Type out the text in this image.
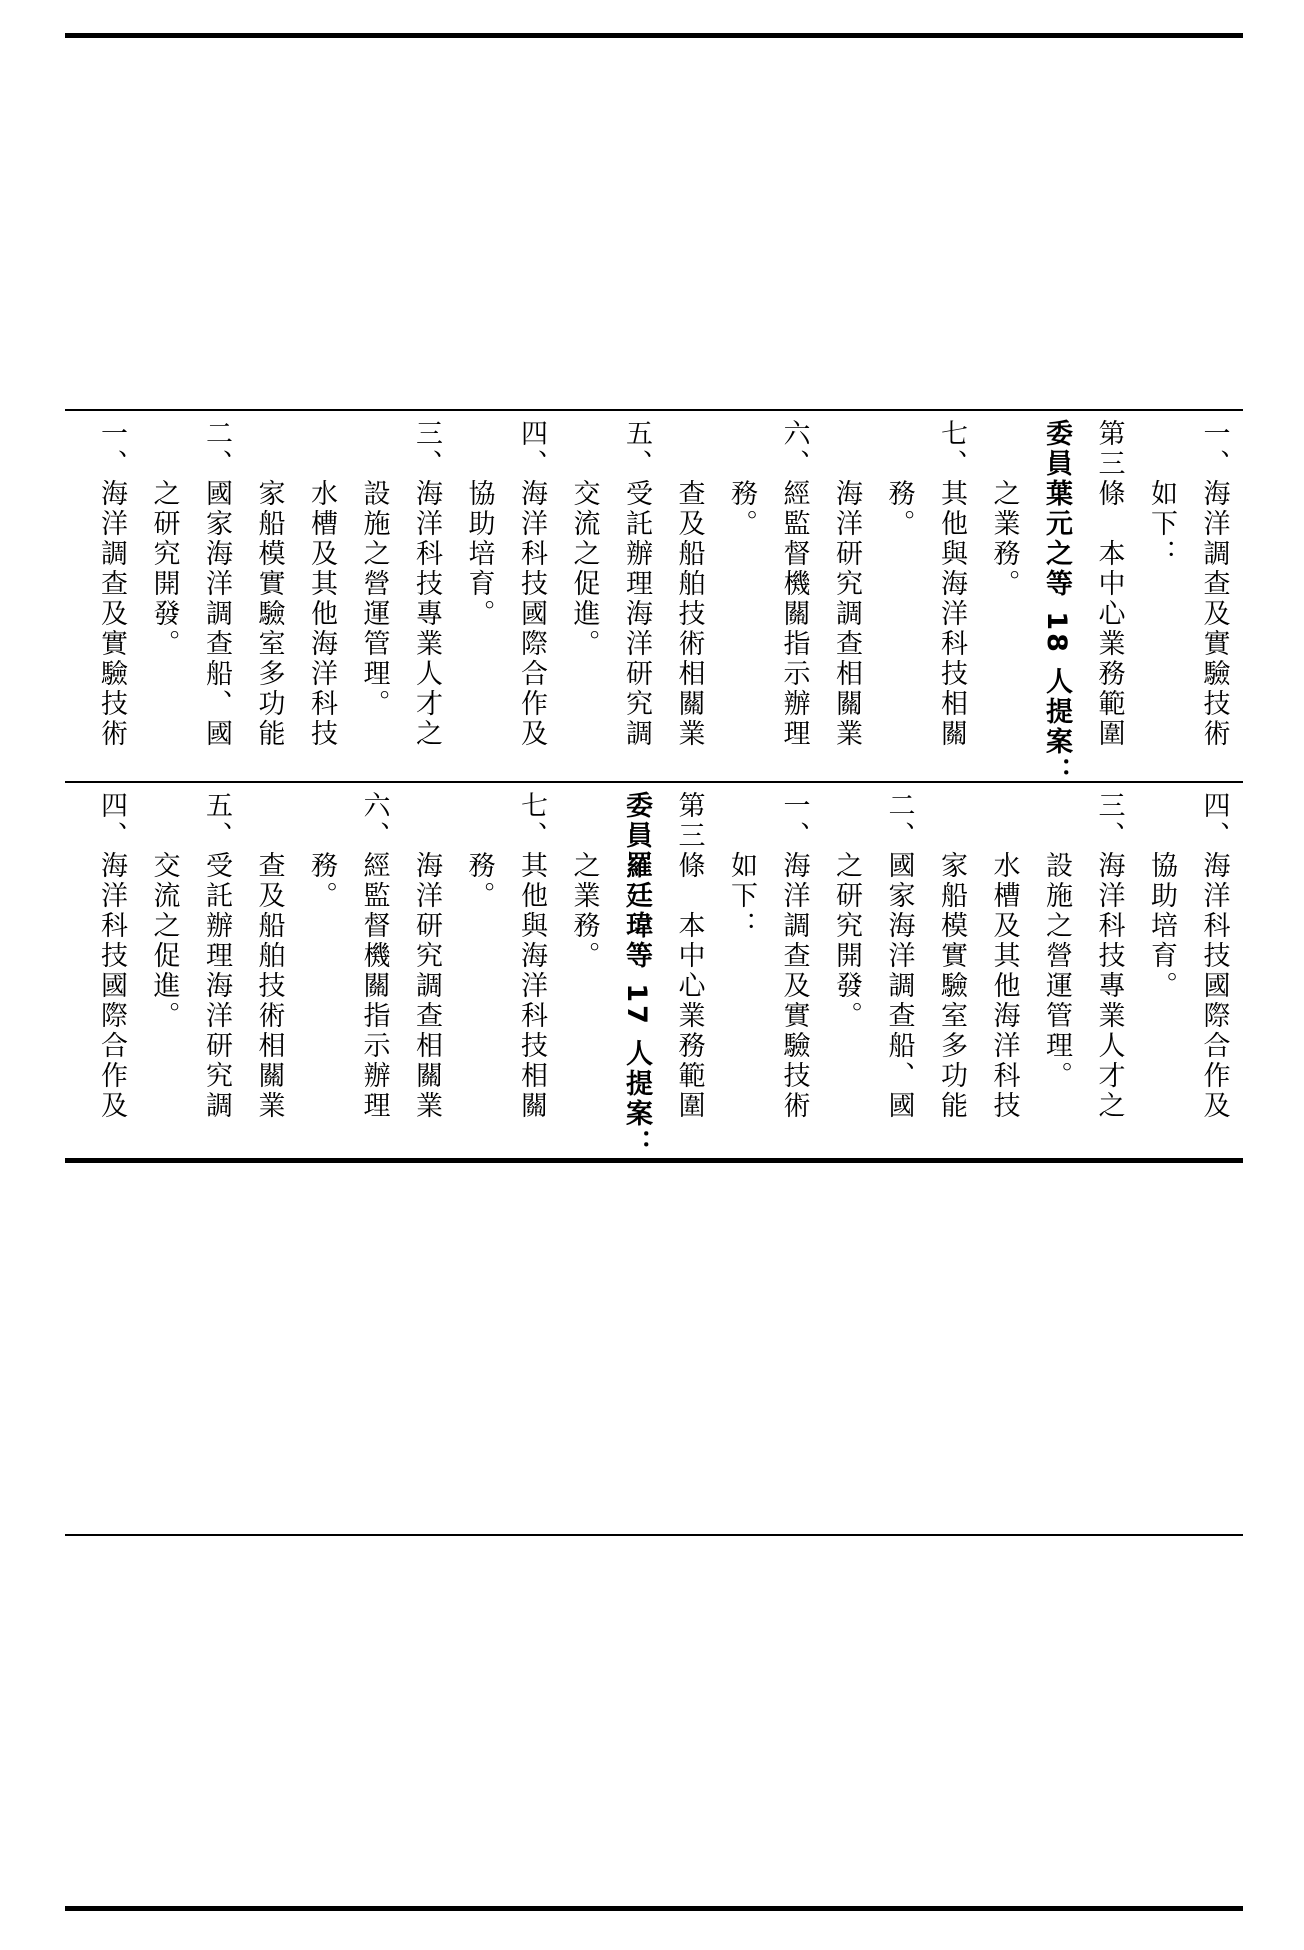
一、海洋調查及實驗技術 之研究開發。 二、國家海洋調查船、國 家船模實驗室多功能 水槽及其他海洋科技 設施之營運管理。 三、海洋科技專業人才之 協助培育。 四、海洋科技國際合作及 交流之促進。 五、受託辦理海洋研究調 查及船舶技術相關業 務。 六、經監督機關指示辦理 海洋研究調查相關業 務。 七、其他與海洋科技相關 之業務。 委員葉元之等 18 人提案： 第三條　本中心業務範圍 如下： 一、海洋調查及實驗技術
四、海洋科技國際合作及 交流之促進。 五、受託辦理海洋研究調 查及船舶技術相關業 務。 六、經監督機關指示辦理 海洋研究調查相關業 務。 七、其他與海洋科技相關 之業務。 委員羅廷瑋等 17 人提案： 第三條　本中心業務範圍 如下： 一、海洋調查及實驗技術 之研究開發。 二、國家海洋調查船、國 家船模實驗室多功能 水槽及其他海洋科技 設施之營運管理。 三、海洋科技專業人才之 協助培育。 四、海洋科技國際合作及
